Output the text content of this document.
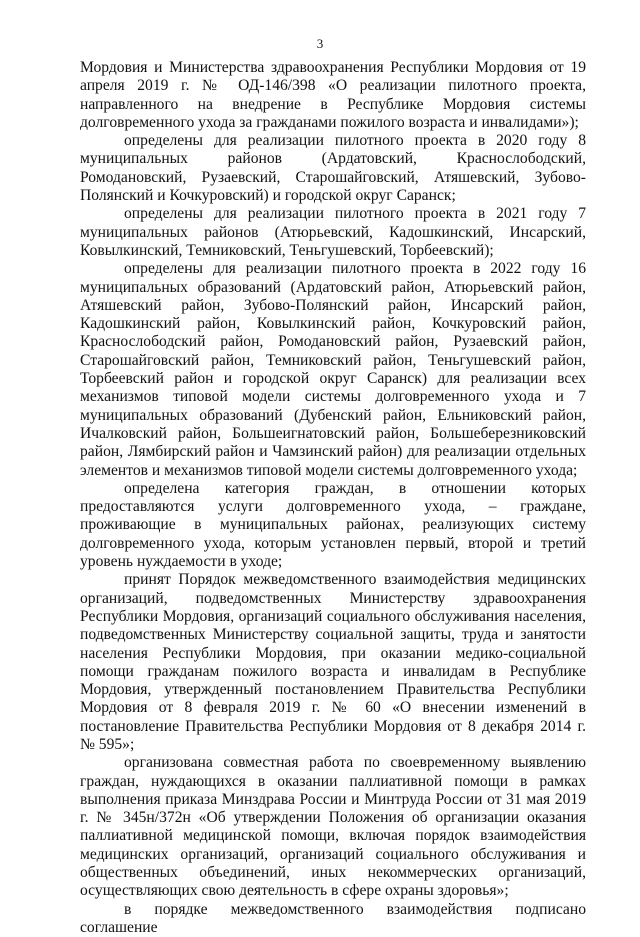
3

Мордовия и Министерства здравоохранения Республики Мордовия от 19 апреля 2019 г. № ОД-146/398 «О реализации пилотного проекта, направленного на внедрение в Республике Мордовия системы долговременного ухода за гражданами пожилого возраста и инвалидами»);

определены для реализации пилотного проекта в 2020 году 8 муниципальных районов (Ардатовский, Краснослободский, Ромодановский, Рузаевский, Старошайговский, Атяшевский, Зубово-Полянский и Кочкуровский) и городской округ Саранск;

определены для реализации пилотного проекта в 2021 году 7 муниципальных районов (Атюрьевский, Кадошкинский, Инсарский, Ковылкинский, Темниковский, Теньгушевский, Торбеевский);

определены для реализации пилотного проекта в 2022 году 16 муниципальных образований (Ардатовский район, Атюрьевский район, Атяшевский район, Зубово-Полянский район, Инсарский район, Кадошкинский район, Ковылкинский район, Кочкуровский район, Краснослободский район, Ромодановский район, Рузаевский район, Старошайговский район, Темниковский район, Теньгушевский район, Торбеевский район и городской округ Саранск) для реализации всех механизмов типовой модели системы долговременного ухода и 7 муниципальных образований (Дубенский район, Ельниковский район, Ичалковский район, Большеигнатовский район, Большеберезниковский район, Лямбирский район и Чамзинский район) для реализации отдельных элементов и механизмов типовой модели системы долговременного ухода;

определена категория граждан, в отношении которых предоставляются услуги долговременного ухода, – граждане, проживающие в муниципальных районах, реализующих систему долговременного ухода, которым установлен первый, второй и третий уровень нуждаемости в уходе;

принят Порядок межведомственного взаимодействия медицинских организаций, подведомственных Министерству здравоохранения Республики Мордовия, организаций социального обслуживания населения, подведомственных Министерству социальной защиты, труда и занятости населения Республики Мордовия, при оказании медико-социальной помощи гражданам пожилого возраста и инвалидам в Республике Мордовия, утвержденный постановлением Правительства Республики Мордовия от 8 февраля 2019 г. № 60 «О внесении изменений в постановление Правительства Республики Мордовия от 8 декабря 2014 г. № 595»;

организована совместная работа по своевременному выявлению граждан, нуждающихся в оказании паллиативной помощи в рамках выполнения приказа Минздрава России и Минтруда России от 31 мая 2019 г. № 345н/372н «Об утверждении Положения об организации оказания паллиативной медицинской помощи, включая порядок взаимодействия медицинских организаций, организаций социального обслуживания и общественных объединений, иных некоммерческих организаций, осуществляющих свою деятельность в сфере охраны здоровья»;

в порядке межведомственного взаимодействия подписано соглашение
